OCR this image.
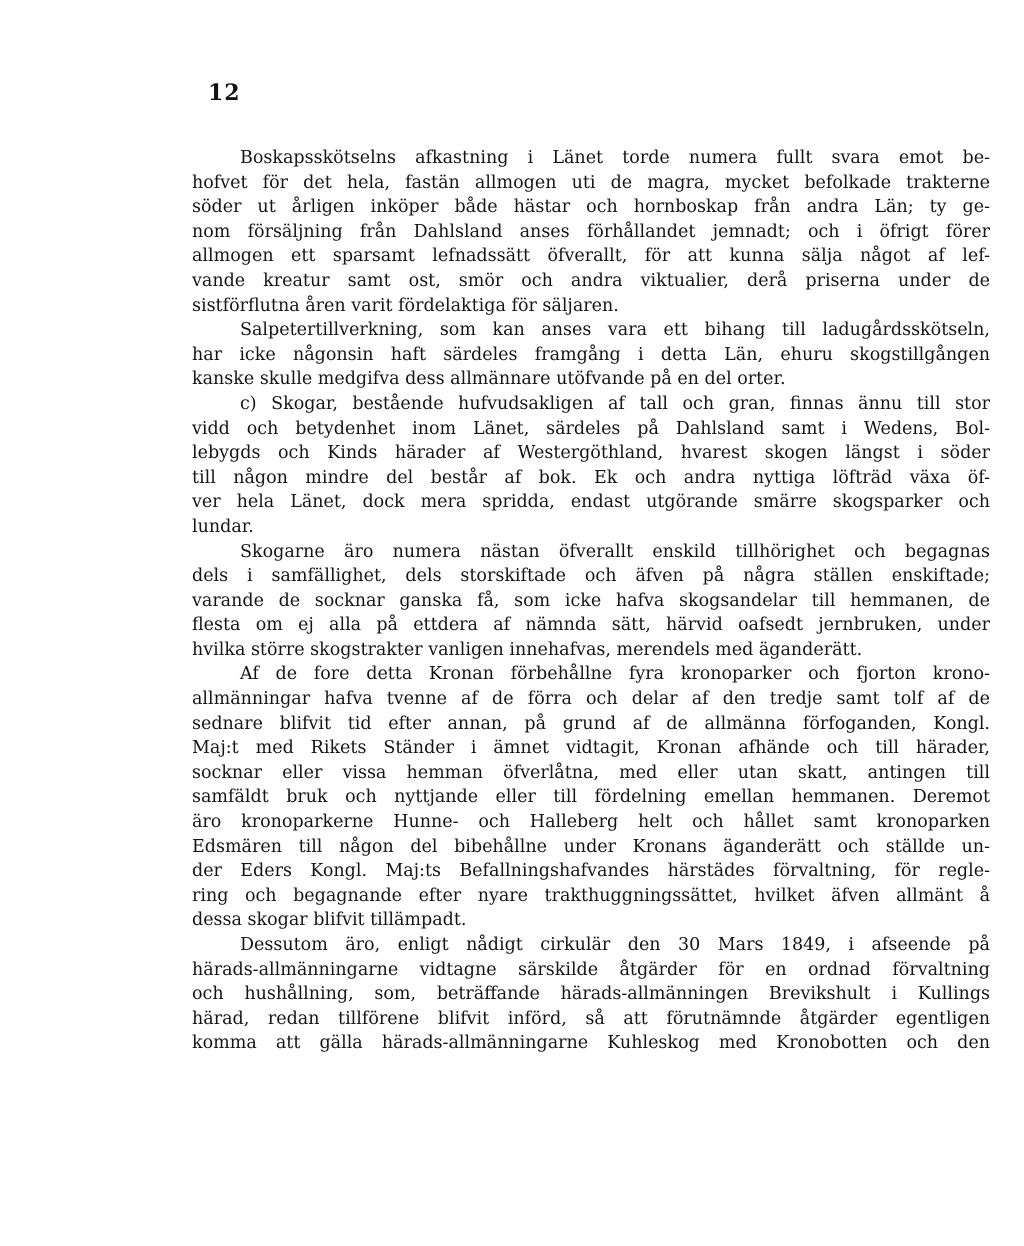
12
Boskapsskötselns afkastning i Länet torde numera fullt svara emot be-
hofvet för det hela, fastän allmogen uti de magra, mycket befolkade trakterne
söder ut årligen inköper både hästar och hornboskap från andra Län; ty ge-
nom försäljning från Dahlsland anses förhållandet jemnadt; och i öfrigt förer
allmogen ett sparsamt lefnadssätt öfverallt, för att kunna sälja något af lef-
vande kreatur samt ost, smör och andra viktualier, derå priserna under de
sistförflutna åren varit fördelaktiga för säljaren.
Salpetertillverkning, som kan anses vara ett bihang till ladugårdsskötseln,
har icke någonsin haft särdeles framgång i detta Län, ehuru skogstillgången
kanske skulle medgifva dess allmännare utöfvande på en del orter.
c) Skogar, bestående hufvudsakligen af tall och gran, finnas ännu till stor
vidd och betydenhet inom Länet, särdeles på Dahlsland samt i Wedens, Bol-
lebygds och Kinds härader af Westergöthland, hvarest skogen längst i söder
till någon mindre del består af bok. Ek och andra nyttiga löfträd växa öf-
ver hela Länet, dock mera spridda, endast utgörande smärre skogsparker och
lundar.
Skogarne äro numera nästan öfverallt enskild tillhörighet och begagnas
dels i samfällighet, dels storskiftade och äfven på några ställen enskiftade;
varande de socknar ganska få, som icke hafva skogsandelar till hemmanen, de
flesta om ej alla på ettdera af nämnda sätt, härvid oafsedt jernbruken, under
hvilka större skogstrakter vanligen innehafvas, merendels med äganderätt.
Af de fore detta Kronan förbehållne fyra kronoparker och fjorton krono-
allmänningar hafva tvenne af de förra och delar af den tredje samt tolf af de
sednare blifvit tid efter annan, på grund af de allmänna förfoganden, Kongl.
Maj:t med Rikets Ständer i ämnet vidtagit, Kronan afhände och till härader,
socknar eller vissa hemman öfverlåtna, med eller utan skatt, antingen till
samfäldt bruk och nyttjande eller till fördelning emellan hemmanen. Deremot
äro kronoparkerne Hunne- och Halleberg helt och hållet samt kronoparken
Edsmären till någon del bibehållne under Kronans äganderätt och ställde un-
der Eders Kongl. Maj:ts Befallningshafvandes härstädes förvaltning, för regle-
ring och begagnande efter nyare trakthuggningssättet, hvilket äfven allmänt å
dessa skogar blifvit tillämpadt.
Dessutom äro, enligt nådigt cirkulär den 30 Mars 1849, i afseende på
härads-allmänningarne vidtagne särskilde åtgärder för en ordnad förvaltning
och hushållning, som, beträffande härads-allmänningen Brevikshult i Kullings
härad, redan tillförene blifvit införd, så att förutnämnde åtgärder egentligen
komma att gälla härads-allmänningarne Kuhleskog med Kronobotten och den
